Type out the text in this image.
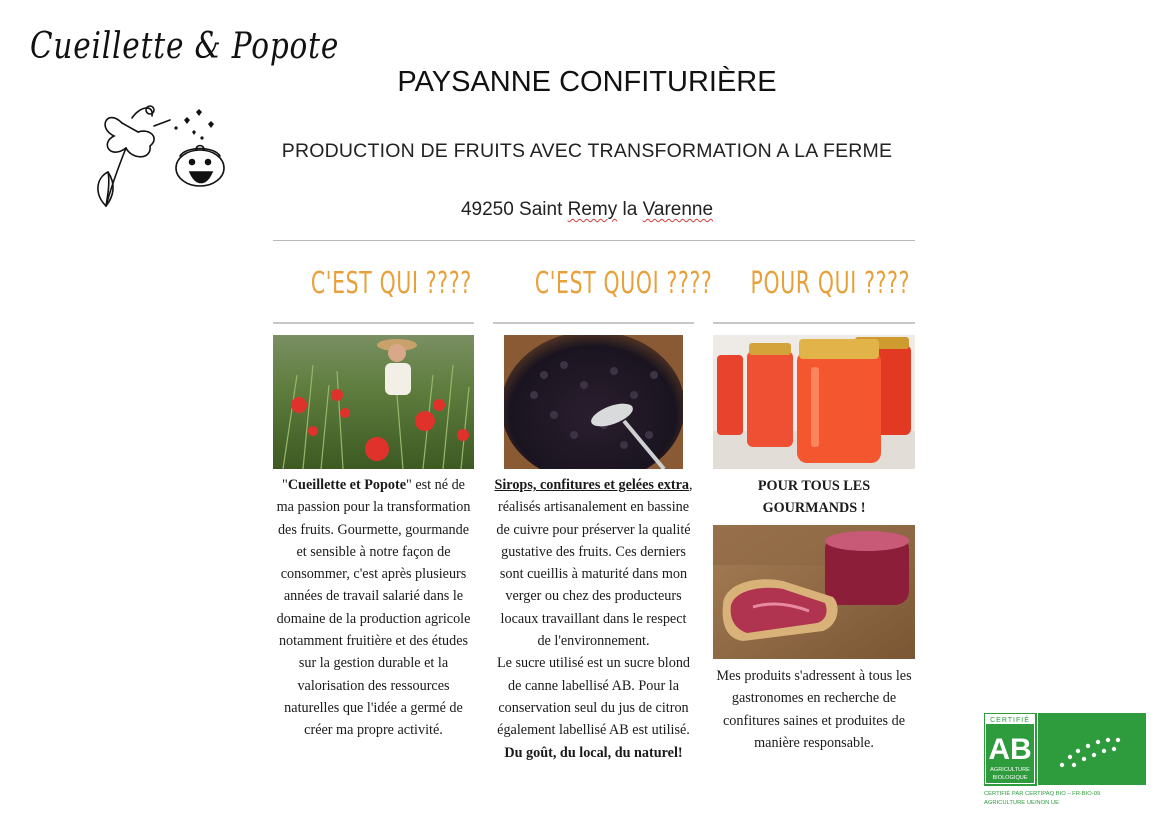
Cueillette & Popote
PAYSANNE CONFITURIÈRE
PRODUCTION DE FRUITS AVEC TRANSFORMATION A LA FERME
49250 Saint Remy la Varenne
C'EST QUI ????
"Cueillette et Popote" est né de ma passion pour la transformation des fruits. Gourmette, gourmande et sensible à notre façon de consommer, c'est après plusieurs années de travail salarié dans le domaine de la production agricole notamment fruitière et des études sur la gestion durable et la valorisation des ressources naturelles que l'idée a germé de créer ma propre activité.
C'EST QUOI ????
Sirops, confitures et gelées extra, réalisés artisanalement en bassine de cuivre pour préserver la qualité gustative des fruits. Ces derniers sont cueillis à maturité dans mon verger ou chez des producteurs locaux travaillant dans le respect de l'environnement.
Le sucre utilisé est un sucre blond de canne labellisé AB. Pour la conservation seul du jus de citron également labellisé AB est utilisé.
Du goût, du local, du naturel!
POUR QUI ????
POUR TOUS LES GOURMANDS !
Mes produits s'adressent à tous les gastronomes en recherche de confitures saines et produites de manière responsable.
CERTIFIÉ
AB
AGRICULTURE
BIOLOGIQUE
CERTIFIÉ PAR CERTIPAQ BIO – FR-BIO-09
AGRICULTURE UE/NON UE
